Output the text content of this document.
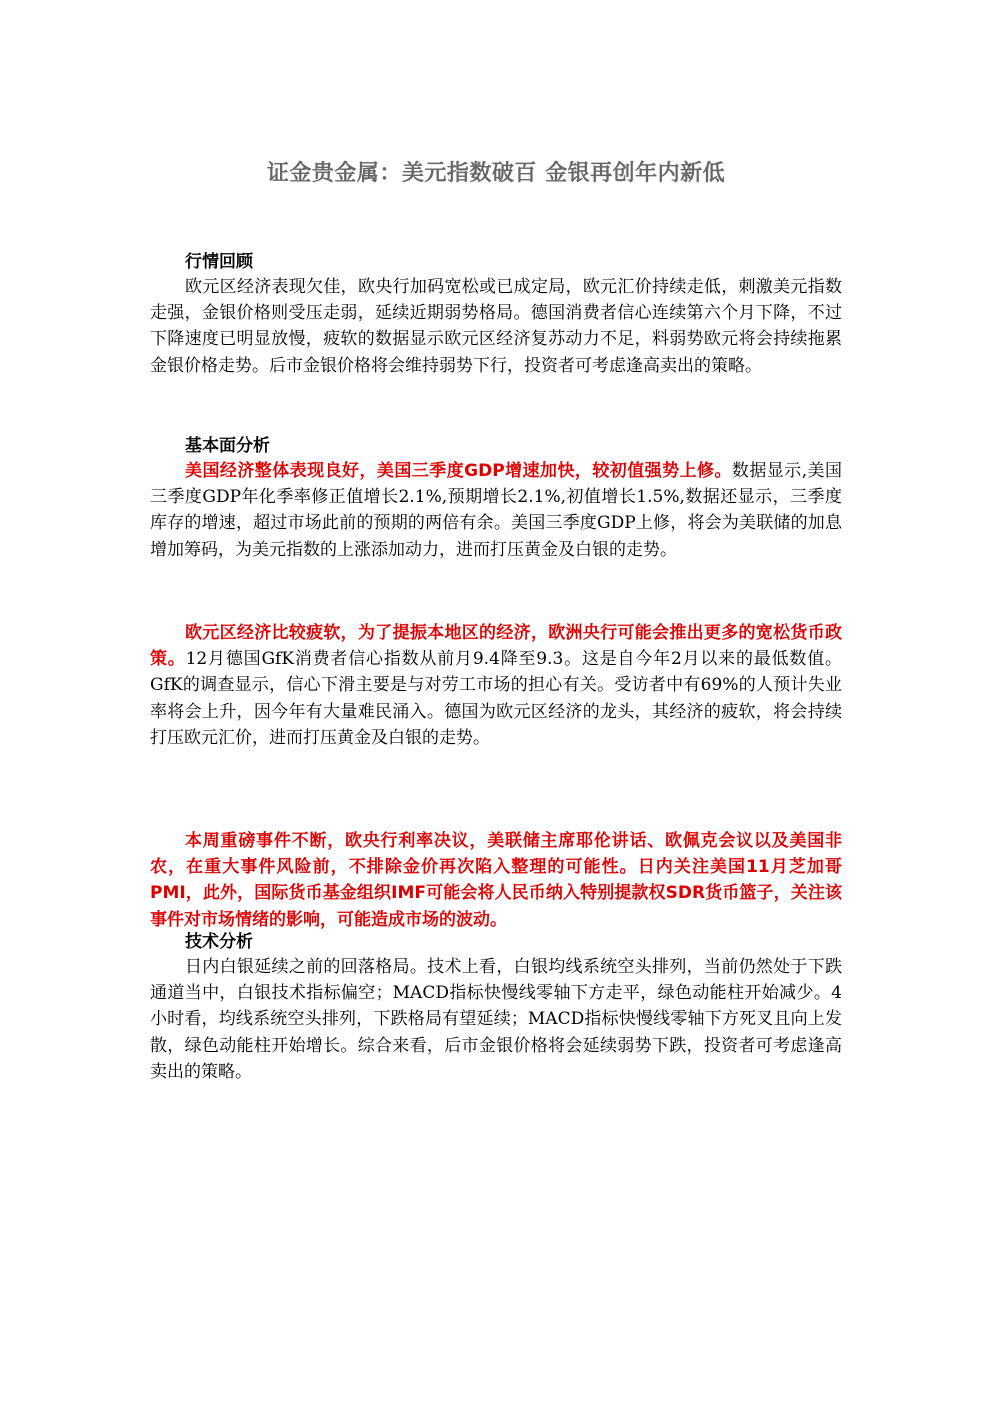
证金贵金属：美元指数破百 金银再创年内新低
行情回顾

欧元区经济表现欠佳，欧央行加码宽松或已成定局，欧元汇价持续走低，刺激美元指数走强，金银价格则受压走弱，延续近期弱势格局。德国消费者信心连续第六个月下降，不过下降速度已明显放慢，疲软的数据显示欧元区经济复苏动力不足，料弱势欧元将会持续拖累金银价格走势。后市金银价格将会维持弱势下行，投资者可考虑逢高卖出的策略。

基本面分析

美国经济整体表现良好，美国三季度GDP增速加快，较初值强势上修。数据显示,美国三季度GDP年化季率修正值增长2.1%,预期增长2.1%,初值增长1.5%,数据还显示，三季度库存的增速，超过市场此前的预期的两倍有余。美国三季度GDP上修，将会为美联储的加息增加筹码，为美元指数的上涨添加动力，进而打压黄金及白银的走势。

欧元区经济比较疲软，为了提振本地区的经济，欧洲央行可能会推出更多的宽松货币政策。12月德国GfK消费者信心指数从前月9.4降至9.3。这是自今年2月以来的最低数值。GfK的调查显示，信心下滑主要是与对劳工市场的担心有关。受访者中有69%的人预计失业率将会上升，因今年有大量难民涌入。德国为欧元区经济的龙头，其经济的疲软，将会持续打压欧元汇价，进而打压黄金及白银的走势。

本周重磅事件不断，欧央行利率决议，美联储主席耶伦讲话、欧佩克会议以及美国非农，在重大事件风险前，不排除金价再次陷入整理的可能性。日内关注美国11月芝加哥PMI，此外，国际货币基金组织IMF可能会将人民币纳入特别提款权SDR货币篮子，关注该事件对市场情绪的影响，可能造成市场的波动。

技术分析

日内白银延续之前的回落格局。技术上看，白银均线系统空头排列，当前仍然处于下跌通道当中，白银技术指标偏空；MACD指标快慢线零轴下方走平，绿色动能柱开始减少。4小时看，均线系统空头排列，下跌格局有望延续；MACD指标快慢线零轴下方死叉且向上发散，绿色动能柱开始增长。综合来看，后市金银价格将会延续弱势下跌，投资者可考虑逢高卖出的策略。
